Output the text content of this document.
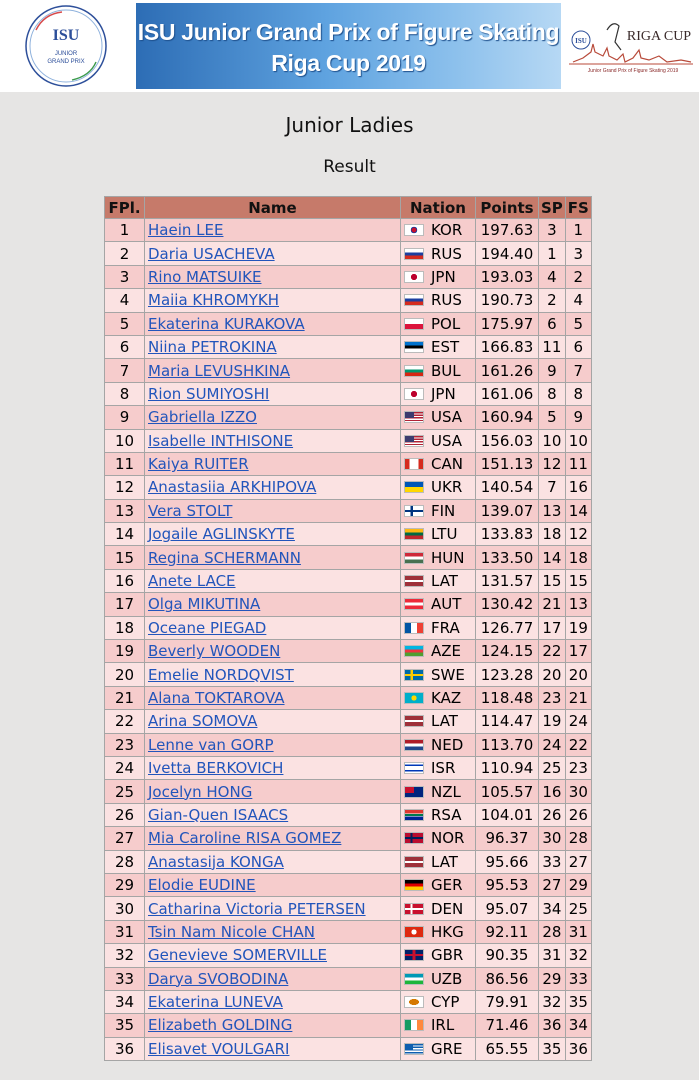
ISU
JUNIOR
GRAND PRIX
ISU Junior Grand Prix of Figure Skating
Riga Cup 2019
ISU	RIGA CUP
Junior Grand Prix of Figure Skating 2019
Junior Ladies
Result
FPl.	Name	Nation	Points	SP	FS
1	Haein LEE	KOR	197.63	3	1
2	Daria USACHEVA	RUS	194.40	1	3
3	Rino MATSUIKE	JPN	193.03	4	2
4	Maiia KHROMYKH	RUS	190.73	2	4
5	Ekaterina KURAKOVA	POL	175.97	6	5
6	Niina PETROKINA	EST	166.83	11	6
7	Maria LEVUSHKINA	BUL	161.26	9	7
8	Rion SUMIYOSHI	JPN	161.06	8	8
9	Gabriella IZZO	USA	160.94	5	9
10	Isabelle INTHISONE	USA	156.03	10	10
11	Kaiya RUITER	CAN	151.13	12	11
12	Anastasiia ARKHIPOVA	UKR	140.54	7	16
13	Vera STOLT	FIN	139.07	13	14
14	Jogaile AGLINSKYTE	LTU	133.83	18	12
15	Regina SCHERMANN	HUN	133.50	14	18
16	Anete LACE	LAT	131.57	15	15
17	Olga MIKUTINA	AUT	130.42	21	13
18	Oceane PIEGAD	FRA	126.77	17	19
19	Beverly WOODEN	AZE	124.15	22	17
20	Emelie NORDQVIST	SWE	123.28	20	20
21	Alana TOKTAROVA	KAZ	118.48	23	21
22	Arina SOMOVA	LAT	114.47	19	24
23	Lenne van GORP	NED	113.70	24	22
24	Ivetta BERKOVICH	ISR	110.94	25	23
25	Jocelyn HONG	NZL	105.57	16	30
26	Gian-Quen ISAACS	RSA	104.01	26	26
27	Mia Caroline RISA GOMEZ	NOR	96.37	30	28
28	Anastasija KONGA	LAT	95.66	33	27
29	Elodie EUDINE	GER	95.53	27	29
30	Catharina Victoria PETERSEN	DEN	95.07	34	25
31	Tsin Nam Nicole CHAN	HKG	92.11	28	31
32	Genevieve SOMERVILLE	GBR	90.35	31	32
33	Darya SVOBODINA	UZB	86.56	29	33
34	Ekaterina LUNEVA	CYP	79.91	32	35
35	Elizabeth GOLDING	IRL	71.46	36	34
36	Elisavet VOULGARI	GRE	65.55	35	36
